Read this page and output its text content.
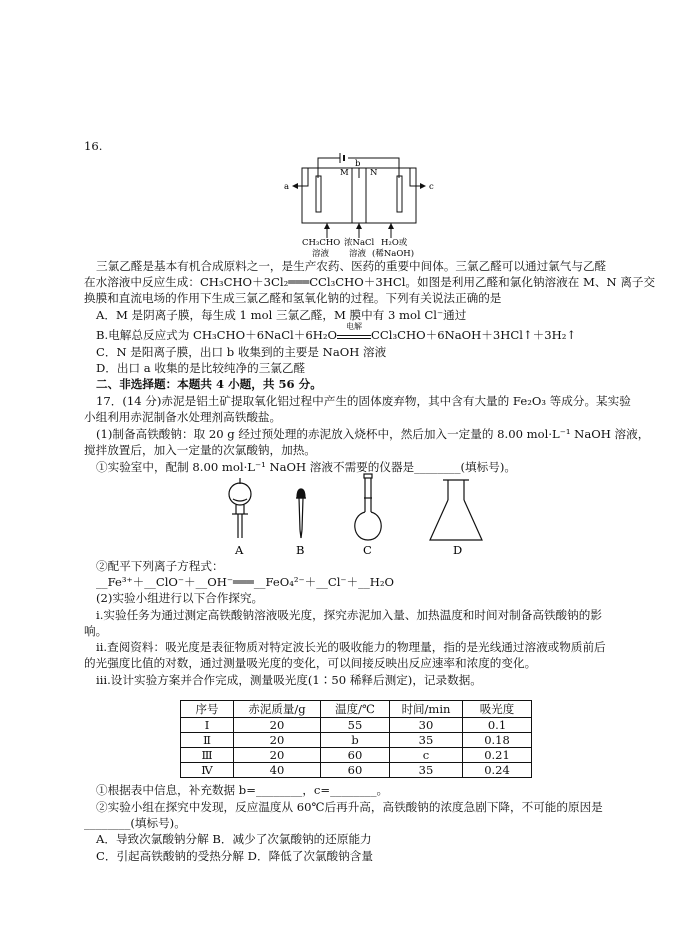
16.
a	c
b
M	N
CH₃CHO
溶液
浓NaCl
溶液
H₂O或
(稀NaOH)
三氯乙醛是基本有机合成原料之一，是生产农药、医药的重要中间体。三氯乙醛可以通过氯气与乙醛
在水溶液中反应生成：CH₃CHO＋3Cl₂═══CCl₃CHO＋3HCl。如图是利用乙醛和氯化钠溶液在 M、N 离子交
换膜和直流电场的作用下生成三氯乙醛和氢氧化钠的过程。下列有关说法正确的是
A．M 是阴离子膜，每生成 1 mol 三氯乙醛，M 膜中有 3 mol Cl⁻通过
B.电解总反应式为 CH₃CHO＋6NaCl＋6H₂O
电解
CCl₃CHO＋6NaOH＋3HCl↑＋3H₂↑
C．N 是阳离子膜，出口 b 收集到的主要是 NaOH 溶液
D．出口 a 收集的是比较纯净的三氯乙醛
二、非选择题：本题共 4 小题，共 56 分。
17．(14 分)赤泥是铝土矿提取氧化铝过程中产生的固体废弃物，其中含有大量的 Fe₂O₃ 等成分。某实验
小组利用赤泥制备水处理剂高铁酸盐。
(1)制备高铁酸钠：取 20 g 经过预处理的赤泥放入烧杯中，然后加入一定量的 8.00 mol·L⁻¹ NaOH 溶液，
搅拌放置后，加入一定量的次氯酸钠，加热。
①实验室中，配制 8.00 mol·L⁻¹ NaOH 溶液不需要的仪器是________(填标号)。
A	B	C	D
②配平下列离子方程式：
__Fe³⁺＋__ClO⁻＋__OH⁻═══__FeO₄²⁻＋__Cl⁻＋__H₂O
(2)实验小组进行以下合作探究。
ⅰ.实验任务为通过测定高铁酸钠溶液吸光度，探究赤泥加入量、加热温度和时间对制备高铁酸钠的影
响。
ⅱ.查阅资料：吸光度是表征物质对特定波长光的吸收能力的物理量，指的是光线通过溶液或物质前后
的光强度比值的对数，通过测量吸光度的变化，可以间接反映出反应速率和浓度的变化。
ⅲ.设计实验方案并合作完成，测量吸光度(1∶50 稀释后测定)，记录数据。
序号	赤泥质量/g	温度/℃	时间/min	吸光度
Ⅰ	20	55	30	0.1
Ⅱ	20	b	35	0.18
Ⅲ	20	60	c	0.21
Ⅳ	40	60	35	0.24
①根据表中信息，补充数据 b=________，c=________。
②实验小组在探究中发现，反应温度从 60℃后再升高，高铁酸钠的浓度急剧下降，不可能的原因是
________(填标号)。
A．导致次氯酸钠分解 B．减少了次氯酸钠的还原能力
C．引起高铁酸钠的受热分解 D．降低了次氯酸钠含量
